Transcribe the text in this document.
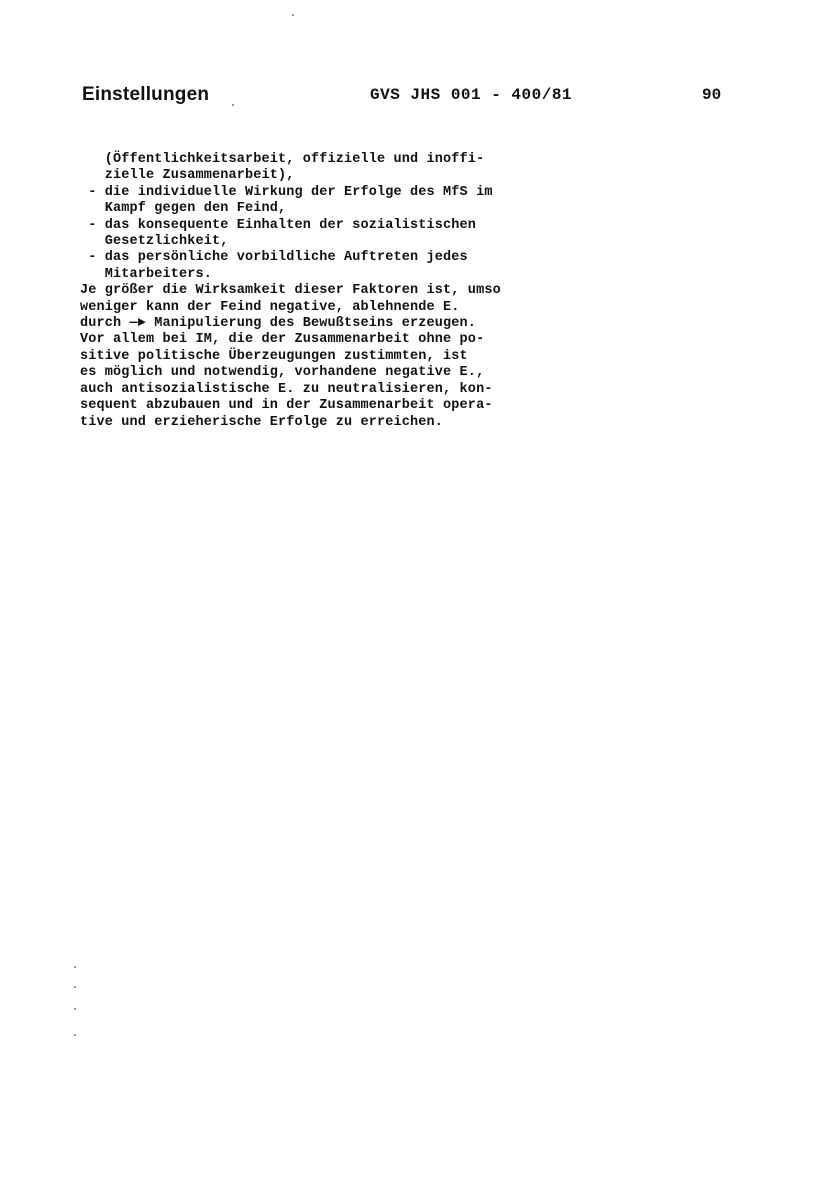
Einstellungen	GVS JHS 001 - 400/81	90
(Öffentlichkeitsarbeit, offizielle und inoffi-
zielle Zusammenarbeit),
- die individuelle Wirkung der Erfolge des MfS im
Kampf gegen den Feind,
- das konsequente Einhalten der sozialistischen
Gesetzlichkeit,
- das persönliche vorbildliche Auftreten jedes
Mitarbeiters.
Je größer die Wirksamkeit dieser Faktoren ist, umso
weniger kann der Feind negative, ablehnende E.
durch —► Manipulierung des Bewußtseins erzeugen.
Vor allem bei IM, die der Zusammenarbeit ohne po-
sitive politische Überzeugungen zustimmten, ist
es möglich und notwendig, vorhandene negative E.,
auch antisozialistische E. zu neutralisieren, kon-
sequent abzubauen und in der Zusammenarbeit opera-
tive und erzieherische Erfolge zu erreichen.
